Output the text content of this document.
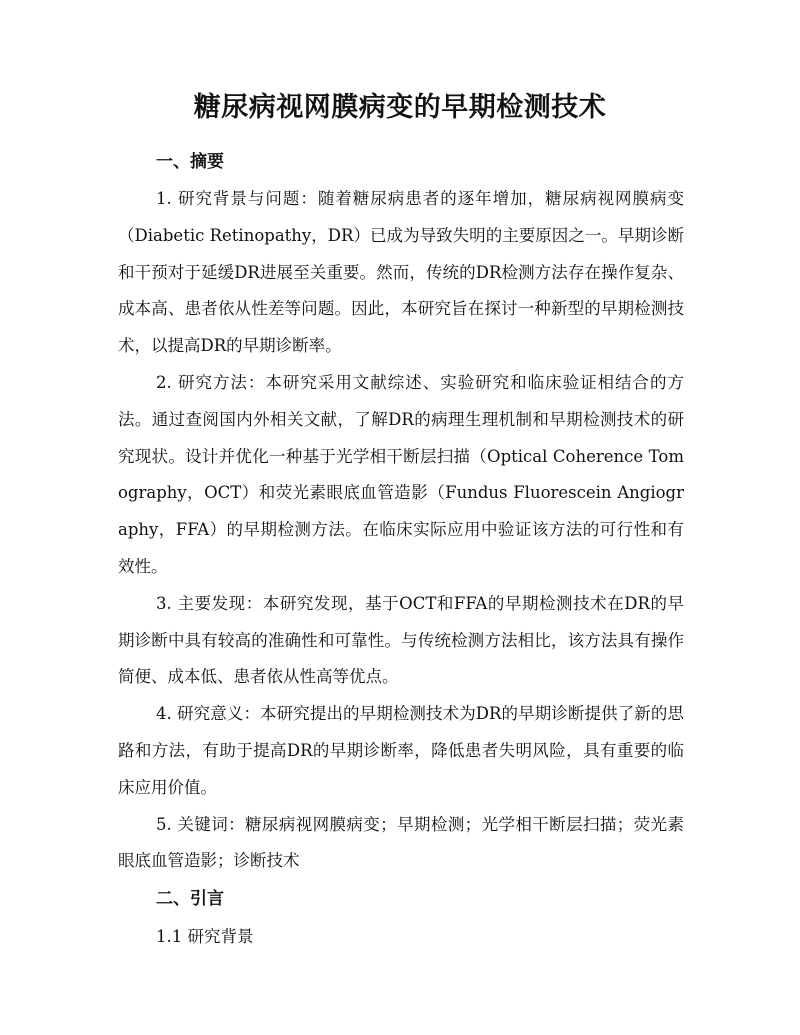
糖尿病视网膜病变的早期检测技术
一、摘要

1. 研究背景与问题：随着糖尿病患者的逐年增加，糖尿病视网膜病变（Diabetic Retinopathy，DR）已成为导致失明的主要原因之一。早期诊断和干预对于延缓DR进展至关重要。然而，传统的DR检测方法存在操作复杂、成本高、患者依从性差等问题。因此，本研究旨在探讨一种新型的早期检测技术，以提高DR的早期诊断率。

2. 研究方法：本研究采用文献综述、实验研究和临床验证相结合的方法。通过查阅国内外相关文献，了解DR的病理生理机制和早期检测技术的研究现状。设计并优化一种基于光学相干断层扫描（Optical Coherence Tomography，OCT）和荧光素眼底血管造影（Fundus Fluorescein Angiography，FFA）的早期检测方法。在临床实际应用中验证该方法的可行性和有效性。

3. 主要发现：本研究发现，基于OCT和FFA的早期检测技术在DR的早期诊断中具有较高的准确性和可靠性。与传统检测方法相比，该方法具有操作简便、成本低、患者依从性高等优点。

4. 研究意义：本研究提出的早期检测技术为DR的早期诊断提供了新的思路和方法，有助于提高DR的早期诊断率，降低患者失明风险，具有重要的临床应用价值。

5. 关键词：糖尿病视网膜病变；早期检测；光学相干断层扫描；荧光素眼底血管造影；诊断技术

二、引言

1.1 研究背景
